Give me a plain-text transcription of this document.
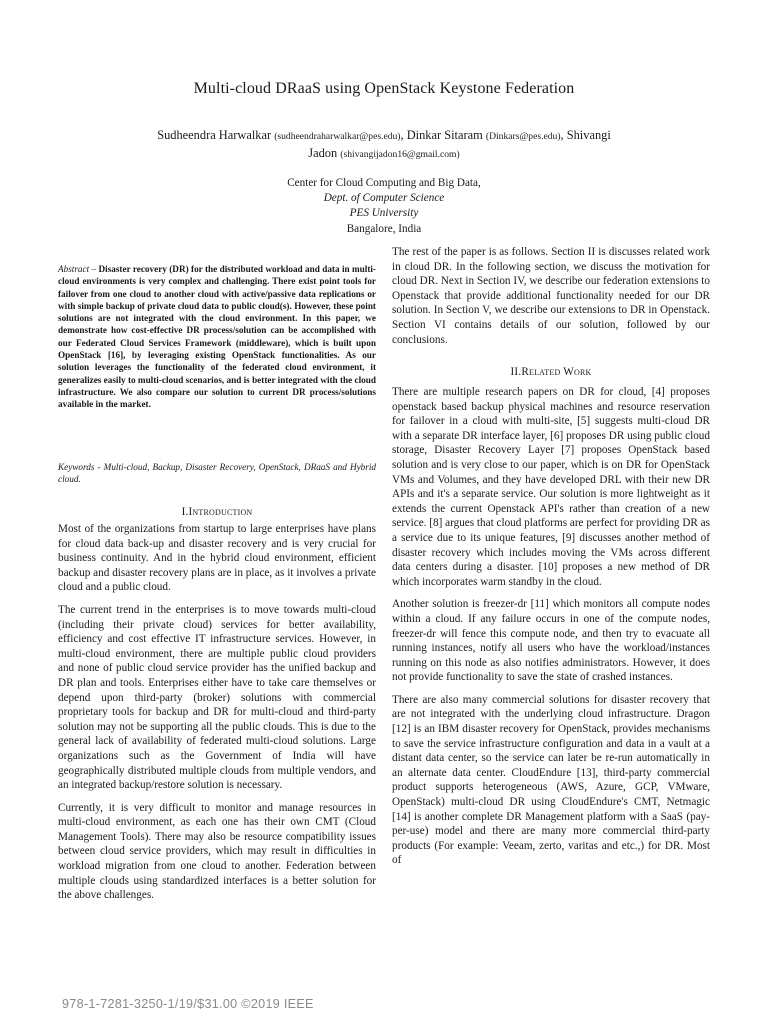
Multi-cloud DRaaS using OpenStack Keystone Federation
Sudheendra Harwalkar (sudheendraharwalkar@pes.edu), Dinkar Sitaram (Dinkars@pes.edu), Shivangi
Jadon (shivangijadon16@gmail.com)
Center for Cloud Computing and Big Data,
Dept. of Computer Science
PES University
Bangalore, India
Abstract – Disaster recovery (DR) for the distributed workload and data in multi-cloud environments is very complex and challenging. There exist point tools for failover from one cloud to another cloud with active/passive data replications or with simple backup of private cloud data to public cloud(s). However, these point solutions are not integrated with the cloud environment. In this paper, we demonstrate how cost-effective DR process/solution can be accomplished with our Federated Cloud Services Framework (middleware), which is built upon OpenStack [16], by leveraging existing OpenStack functionalities. As our solution leverages the functionality of the federated cloud environment, it generalizes easily to multi-cloud scenarios, and is better integrated with the cloud infrastructure. We also compare our solution to current DR process/solutions available in the market.
Keywords - Multi-cloud, Backup, Disaster Recovery, OpenStack, DRaaS and Hybrid cloud.
I.Introduction

Most of the organizations from startup to large enterprises have plans for cloud data back-up and disaster recovery and is very crucial for business continuity. And in the hybrid cloud environment, efficient backup and disaster recovery plans are in place, as it involves a private cloud and a public cloud.

The current trend in the enterprises is to move towards multi-cloud (including their private cloud) services for better availability, efficiency and cost effective IT infrastructure services. However, in multi-cloud environment, there are multiple public cloud providers and none of public cloud service provider has the unified backup and DR plan and tools. Enterprises either have to take care themselves or depend upon third-party (broker) solutions with commercial proprietary tools for backup and DR for multi-cloud and third-party solution may not be supporting all the public clouds. This is due to the general lack of availability of federated multi-cloud solutions. Large organizations such as the Government of India will have geographically distributed multiple clouds from multiple vendors, and an integrated backup/restore solution is necessary.

Currently, it is very difficult to monitor and manage resources in multi-cloud environment, as each one has their own CMT (Cloud Management Tools). There may also be resource compatibility issues between cloud service providers, which may result in difficulties in workload migration from one cloud to another. Federation between multiple clouds using standardized interfaces is a better solution for the above challenges.

The rest of the paper is as follows. Section II is discusses related work in cloud DR. In the following section, we discuss the motivation for cloud DR. Next in Section IV, we describe our federation extensions to Openstack that provide additional functionality needed for our DR solution. In Section V, we describe our extensions to DR in Openstack. Section VI contains details of our solution, followed by our conclusions.

II.Related Work

There are multiple research papers on DR for cloud, [4] proposes openstack based backup physical machines and resource reservation for failover in a cloud with multi-site, [5] suggests multi-cloud DR with a separate DR interface layer, [6] proposes DR using public cloud storage, Disaster Recovery Layer [7] proposes OpenStack based solution and is very close to our paper, which is on DR for OpenStack VMs and Volumes, and they have developed DRL with their new DR APIs and it's a separate service. Our solution is more lightweight as it extends the current Openstack API's rather than creation of a new service. [8] argues that cloud platforms are perfect for providing DR as a service due to its unique features, [9] discusses another method of disaster recovery which includes moving the VMs across different data centers during a disaster. [10] proposes a new method of DR which incorporates warm standby in the cloud.

Another solution is freezer-dr [11] which monitors all compute nodes within a cloud. If any failure occurs in one of the compute nodes, freezer-dr will fence this compute node, and then try to evacuate all running instances, notify all users who have the workload/instances running on this node as also notifies administrators. However, it does not provide functionality to save the state of crashed instances.

There are also many commercial solutions for disaster recovery that are not integrated with the underlying cloud infrastructure. Dragon [12] is an IBM disaster recovery for OpenStack, provides mechanisms to save the service infrastructure configuration and data in a vault at a distant data center, so the service can later be re-run automatically in an alternate data center. CloudEndure [13], third-party commercial product supports heterogeneous (AWS, Azure, GCP, VMware, OpenStack) multi-cloud DR using CloudEndure's CMT, Netmagic [14] is another complete DR Management platform with a SaaS (pay-per-use) model and there are many more commercial third-party products (For example: Veeam, zerto, varitas and etc.,) for DR. Most of

978-1-7281-3250-1/19/$31.00 ©2019 IEEE
